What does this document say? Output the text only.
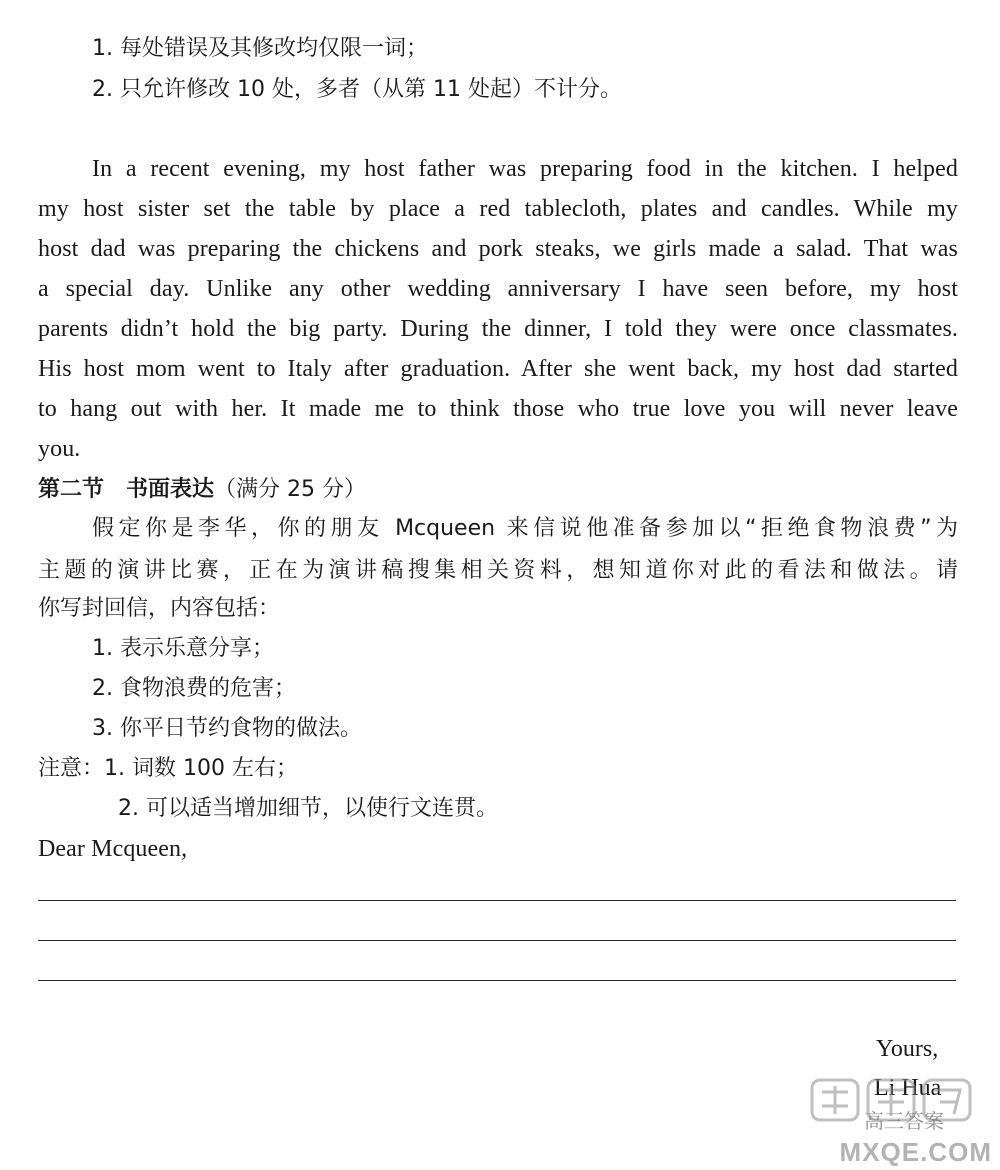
1. 每处错误及其修改均仅限一词；
2. 只允许修改 10 处，多者（从第 11 处起）不计分。
In a recent evening, my host father was preparing food in the kitchen. I helped
my host sister set the table by place a red tablecloth, plates and candles. While my
host dad was preparing the chickens and pork steaks, we girls made a salad. That was
a special day. Unlike any other wedding anniversary I have seen before, my host
parents didn’t hold the big party. During the dinner, I told they were once classmates.
His host mom went to Italy after graduation. After she went back, my host dad started
to hang out with her. It made me to think those who true love you will never leave
you.
第二节　书面表达（满分 25 分）
假定你是李华，你的朋友 Mcqueen 来信说他准备参加以“拒绝食物浪费”为
主题的演讲比赛，正在为演讲稿搜集相关资料，想知道你对此的看法和做法。请
你写封回信，内容包括：
1. 表示乐意分享；
2. 食物浪费的危害；
3. 你平日节约食物的做法。
注意：1. 词数 100 左右；
2. 可以适当增加细节，以使行文连贯。
Dear Mcqueen,
Yours,
Li Hua
MXQE.COM
高三答案
